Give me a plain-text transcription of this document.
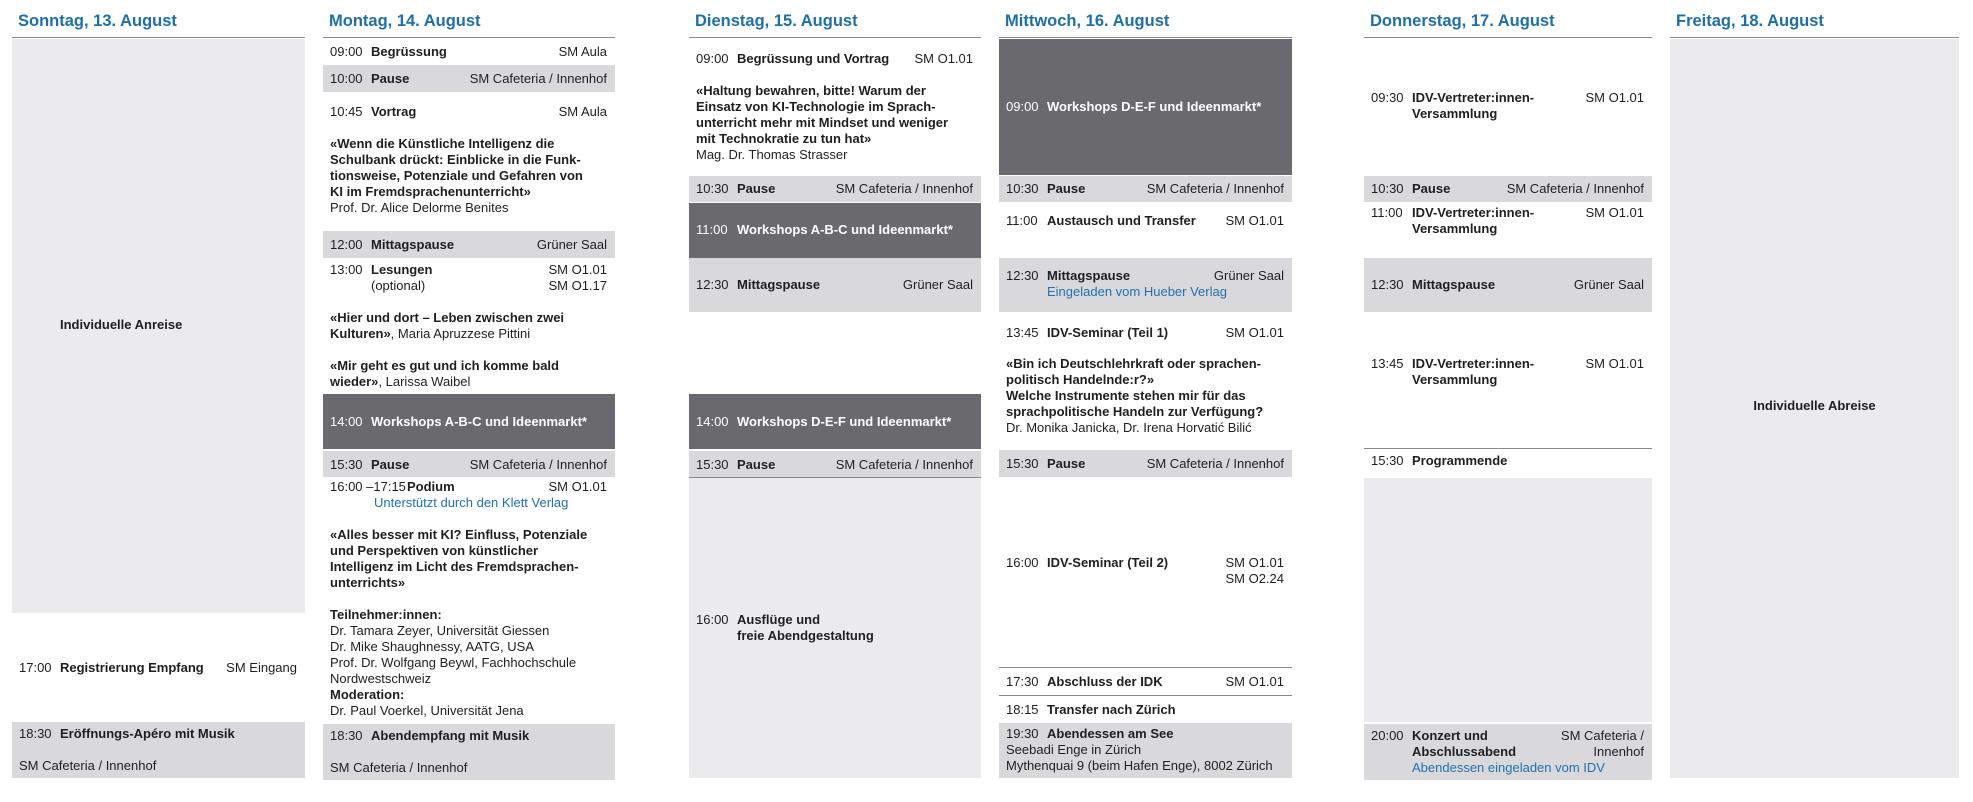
Sonntag, 13. August
Individuelle Anreise
17:00 Registrierung Empfang SM Eingang
18:30 Eröffnungs-Apéro mit Musik
SM Cafeteria / Innenhof
Montag, 14. August
09:00 Begrüssung	SM Aula
10:00 Pause	SM Cafeteria / Innenhof
10:45 Vortrag	SM Aula
«Wenn die Künstliche Intelligenz die
Schulbank drückt: Einblicke in die Funk-
tionsweise, Potenziale und Gefahren von
KI im Fremdsprachenunterricht»
Prof. Dr. Alice Delorme Benites
12:00 Mittagspause	Grüner Saal
13:00 Lesungen
(optional)
SM O1.01
SM O1.17
«Hier und dort – Leben zwischen zwei
Kulturen», Maria Apruzzese Pittini
«Mir geht es gut und ich komme bald
wieder», Larissa Waibel
14:00 Workshops A-B-C und Ideenmarkt*
15:30 Pause	SM Cafeteria / Innenhof
16:00 –17:15 Podium	SM O1.01
Unterstützt durch den Klett Verlag
«Alles besser mit KI? Einfluss, Potenziale
und Perspektiven von künstlicher
Intelligenz im Licht des Fremdsprachen-
unterrichts»
Teilnehmer:innen:
Dr. Tamara Zeyer, Universität Giessen
Dr. Mike Shaughnessy, AATG, USA
Prof. Dr. Wolfgang Beywl, Fachhochschule
Nordwestschweiz
Moderation:
Dr. Paul Voerkel, Universität Jena
18:30 Abendempfang mit Musik
SM Cafeteria / Innenhof
Dienstag, 15. August
09:00 Begrüssung und Vortrag SM O1.01
«Haltung bewahren, bitte! Warum der
Einsatz von KI-Technologie im Sprach-
unterricht mehr mit Mindset und weniger
mit Technokratie zu tun hat»
Mag. Dr. Thomas Strasser
10:30 Pause	SM Cafeteria / Innenhof
11:00 Workshops A-B-C und Ideenmarkt*
12:30 Mittagspause	Grüner Saal
14:00 Workshops D-E-F und Ideenmarkt*
15:30 Pause	SM Cafeteria / Innenhof
16:00 Ausflüge und
freie Abendgestaltung
Mittwoch, 16. August
09:00 Workshops D-E-F und Ideenmarkt*
10:30 Pause	SM Cafeteria / Innenhof
11:00 Austausch und Transfer SM O1.01
12:30 Mittagspause	Grüner Saal
Eingeladen vom Hueber Verlag
13:45 IDV-Seminar (Teil 1)	SM O1.01
«Bin ich Deutschlehrkraft oder sprachen-
politisch Handelnde:r?»
Welche Instrumente stehen mir für das
sprachpolitische Handeln zur Verfügung?
Dr. Monika Janicka, Dr. Irena Horvatić Bilić
15:30 Pause	SM Cafeteria / Innenhof
16:00 IDV-Seminar (Teil 2)	SM O1.01
SM O2.24
17:30 Abschluss der IDK	SM O1.01
18:15 Transfer nach Zürich
19:30 Abendessen am See
Seebadi Enge in Zürich
Mythenquai 9 (beim Hafen Enge), 8002 Zürich
Donnerstag, 17. August
09:30 IDV-Vertreter:innen-
Versammlung
SM O1.01
10:30 Pause	SM Cafeteria / Innenhof
11:00 IDV-Vertreter:innen-
Versammlung
SM O1.01
12:30 Mittagspause	Grüner Saal
13:45 IDV-Vertreter:innen-
Versammlung
SM O1.01
15:30 Programmende
20:00 Konzert und
Abschlussabend
SM Cafeteria /
Innenhof
Abendessen eingeladen vom IDV
Freitag, 18. August
Individuelle Abreise
